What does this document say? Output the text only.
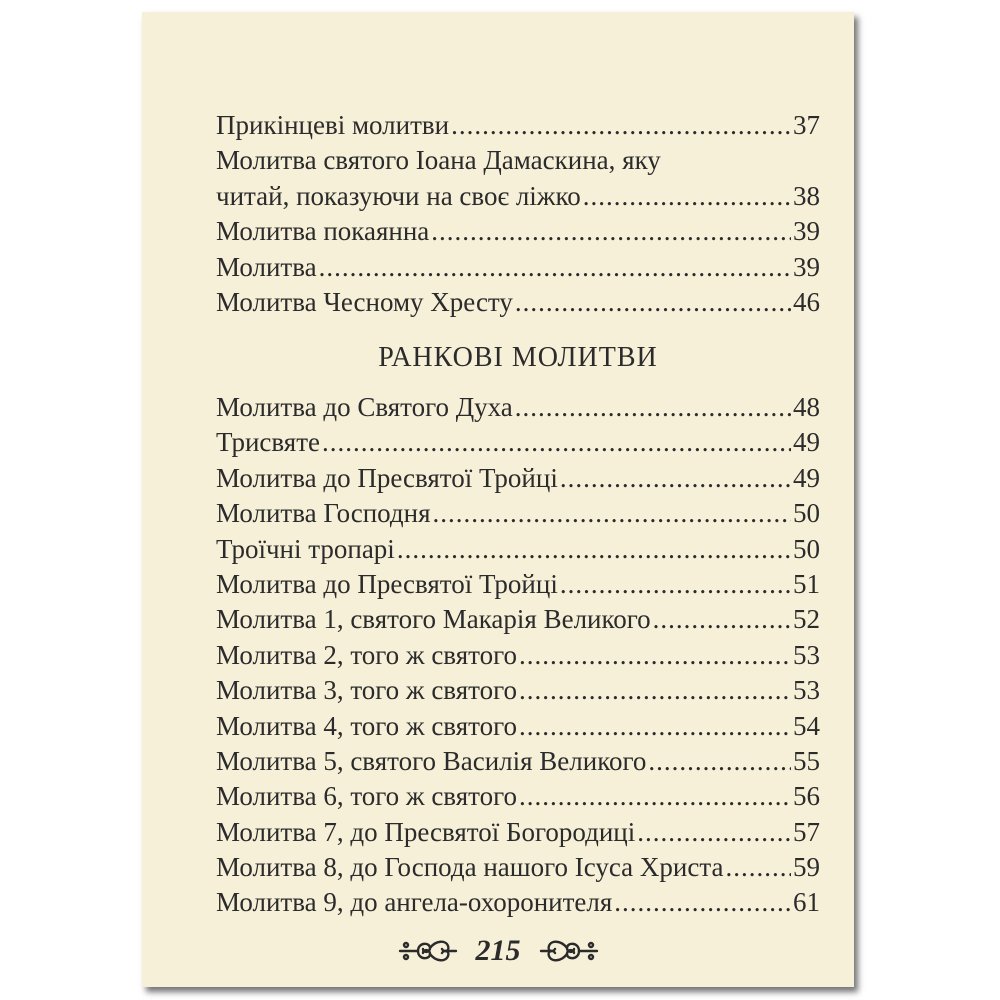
Прикінцеві молитви .....	37
Молитва святого Іоана Дамаскина, яку
читай, показуючи на своє ліжко .....	38
Молитва покаянна .....	39
Молитва .....	39
Молитва Чесному Хресту .....	46
РАНКОВІ МОЛИТВИ
Молитва до Святого Духа .....	48
Трисвяте .....	49
Молитва до Пресвятої Тройці .....	49
Молитва Господня .....	50
Троїчні тропарі .....	50
Молитва до Пресвятої Тройці .....	51
Молитва 1, святого Макарія Великого .....	52
Молитва 2, того ж святого .....	53
Молитва 3, того ж святого .....	53
Молитва 4, того ж святого .....	54
Молитва 5, святого Василія Великого .....	55
Молитва 6, того ж святого .....	56
Молитва 7, до Пресвятої Богородиці .....	57
Молитва 8, до Господа нашого Ісуса Христа .....	59
Молитва 9, до ангела-охоронителя .....	61
215
